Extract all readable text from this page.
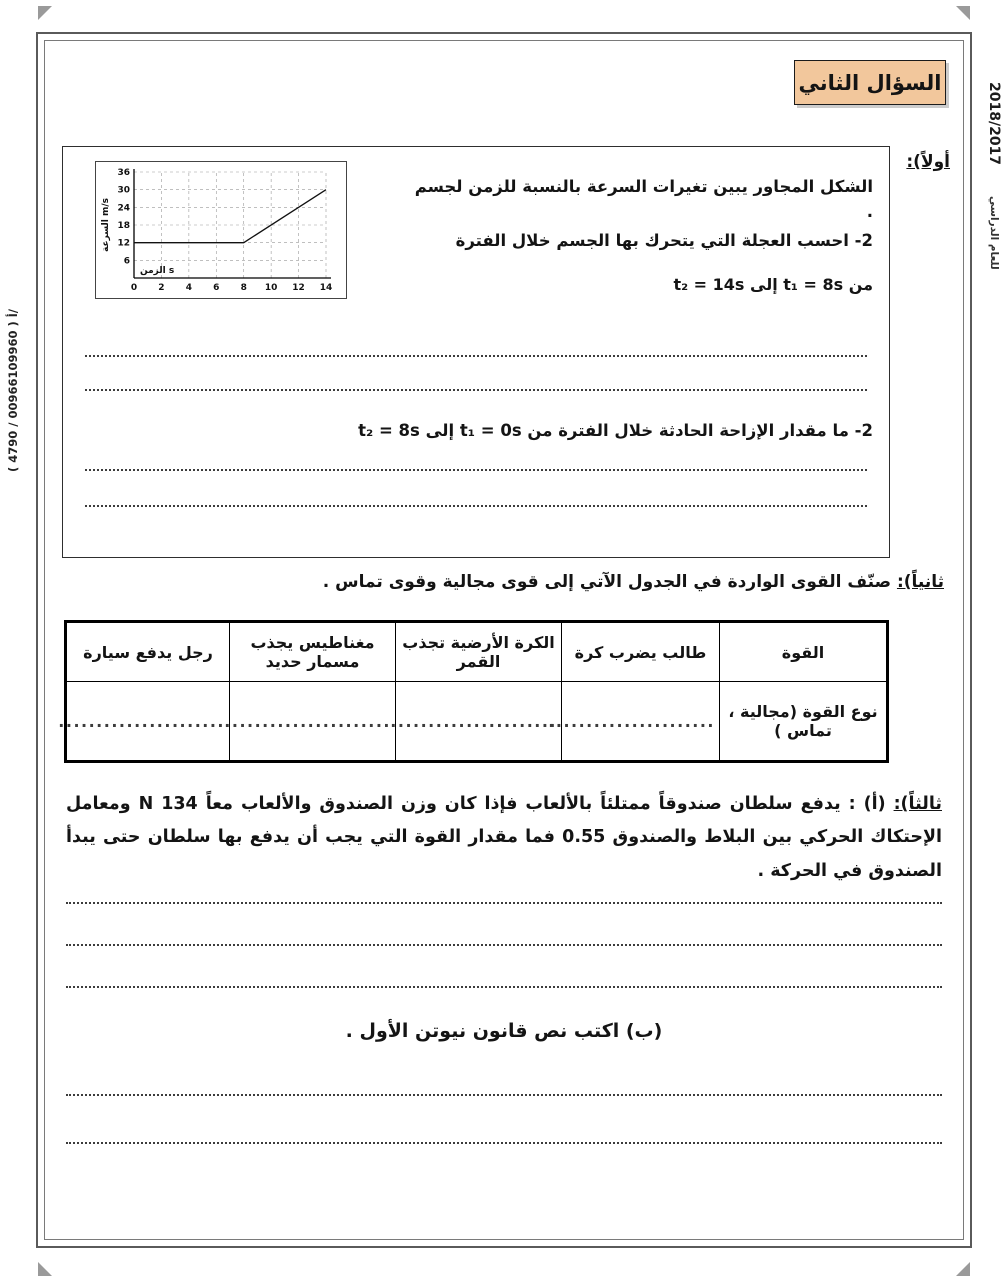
2018/2017 للعام الدراسي
( 4790 / 00966109960 ) أ/
السؤال الثاني
أولاً):
0 2 4 6 8 10 12 14
6
12
18
24
30
36
الزمن s
السرعة m/s
الشكل المجاور يبين تغيرات السرعة بالنسبة للزمن لجسم .
2- احسب العجلة التي يتحرك بها الجسم خلال الفترة
من t₁ = 8s إلى t₂ = 14s
2- ما مقدار الإزاحة الحادثة خلال الفترة من t₁ = 0s إلى t₂ = 8s
ثانياً): صنّف القوى الواردة في الجدول الآتي إلى قوى مجالية وقوى تماس .
القوة	طالب يضرب كرة	الكرة الأرضية تجذب القمر	مغناطيس يجذب مسمار حديد	رجل يدفع سيارة
نوع القوة (مجالية ، تماس )	......................	......................	......................	......................
ثالثاً): (أ) : يدفع سلطان صندوقاً ممتلئاً بالألعاب فإذا كان وزن الصندوق والألعاب معاً 134 N ومعامل الإحتكاك الحركي بين البلاط والصندوق 0.55 فما مقدار القوة التي يجب أن يدفع بها سلطان حتى يبدأ الصندوق في الحركة .
(ب) اكتب نص قانون نيوتن الأول .
